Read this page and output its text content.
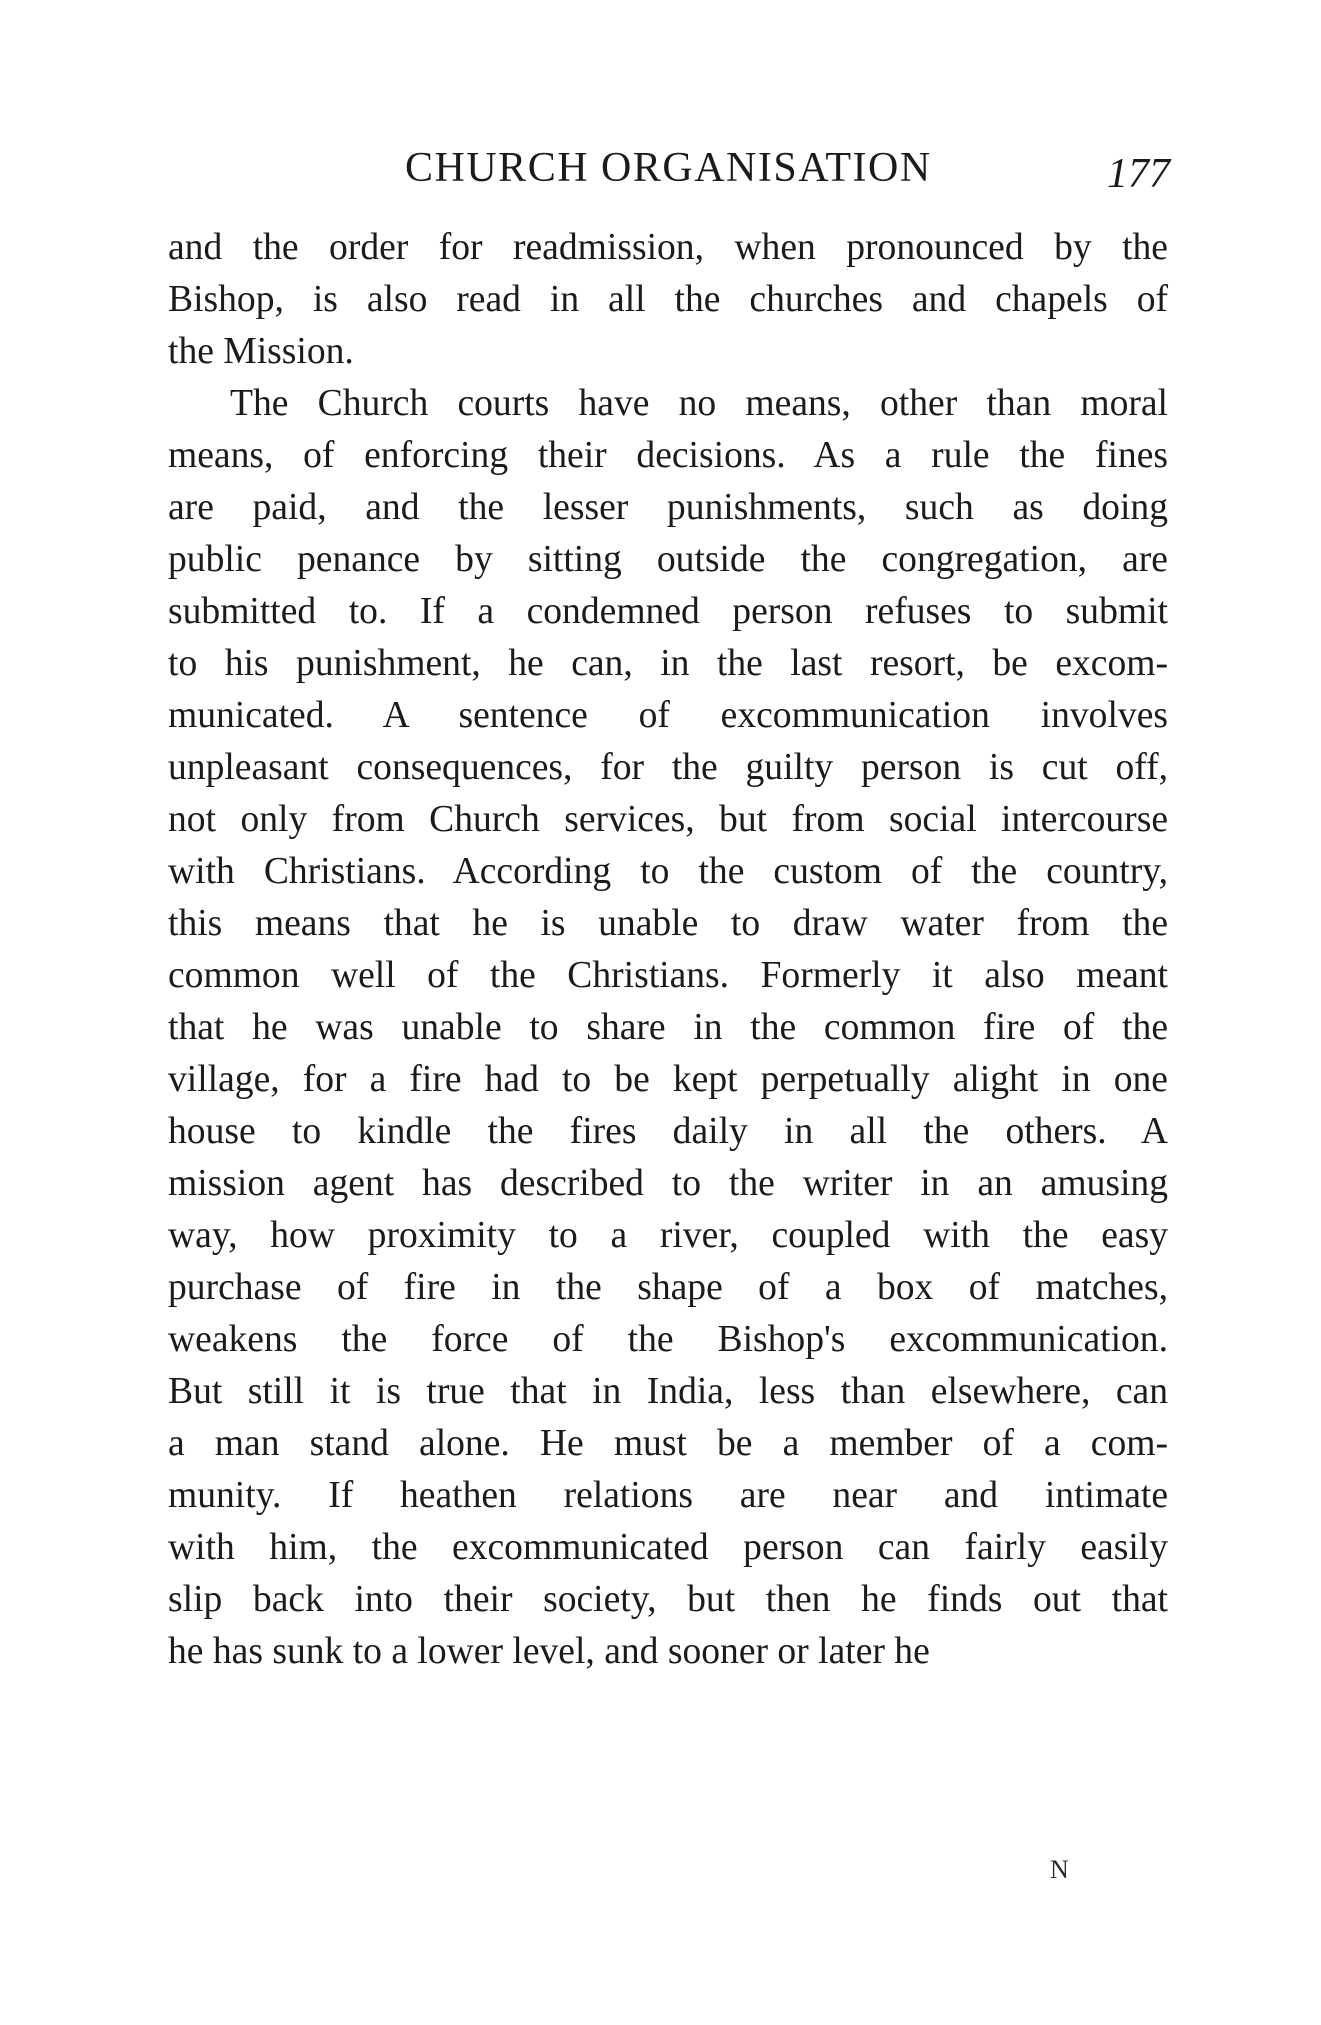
CHURCH ORGANISATION	177
and the order for readmission, when pronounced by the
Bishop, is also read in all the churches and chapels of
the Mission.
The Church courts have no means, other than moral
means, of enforcing their decisions. As a rule the fines
are paid, and the lesser punishments, such as doing
public penance by sitting outside the congregation, are
submitted to. If a condemned person refuses to submit
to his punishment, he can, in the last resort, be excom-
municated. A sentence of excommunication involves
unpleasant consequences, for the guilty person is cut off,
not only from Church services, but from social intercourse
with Christians. According to the custom of the country,
this means that he is unable to draw water from the
common well of the Christians. Formerly it also meant
that he was unable to share in the common fire of the
village, for a fire had to be kept perpetually alight in one
house to kindle the fires daily in all the others. A
mission agent has described to the writer in an amusing
way, how proximity to a river, coupled with the easy
purchase of fire in the shape of a box of matches,
weakens the force of the Bishop's excommunication.
But still it is true that in India, less than elsewhere, can
a man stand alone. He must be a member of a com-
munity. If heathen relations are near and intimate
with him, the excommunicated person can fairly easily
slip back into their society, but then he finds out that
he has sunk to a lower level, and sooner or later he
N
